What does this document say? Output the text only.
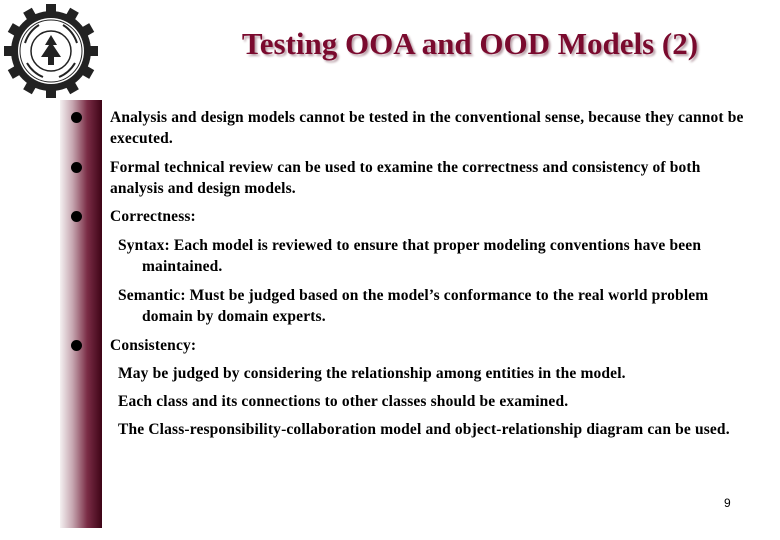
Testing OOA and OOD Models (2)
Analysis and design models cannot be tested in the conventional sense, because they cannot be executed.
Formal technical review can be used to examine the correctness and consistency of both analysis and design models.
Correctness:
Syntax: Each model is reviewed to ensure that proper modeling conventions have been maintained.
Semantic: Must be judged based on the model’s conformance to the real world problem domain by domain experts.
Consistency:
May be judged by considering the relationship among entities in the model.
Each class and its connections to other classes should be examined.
The Class-responsibility-collaboration model and object-relationship diagram can be used.
9
